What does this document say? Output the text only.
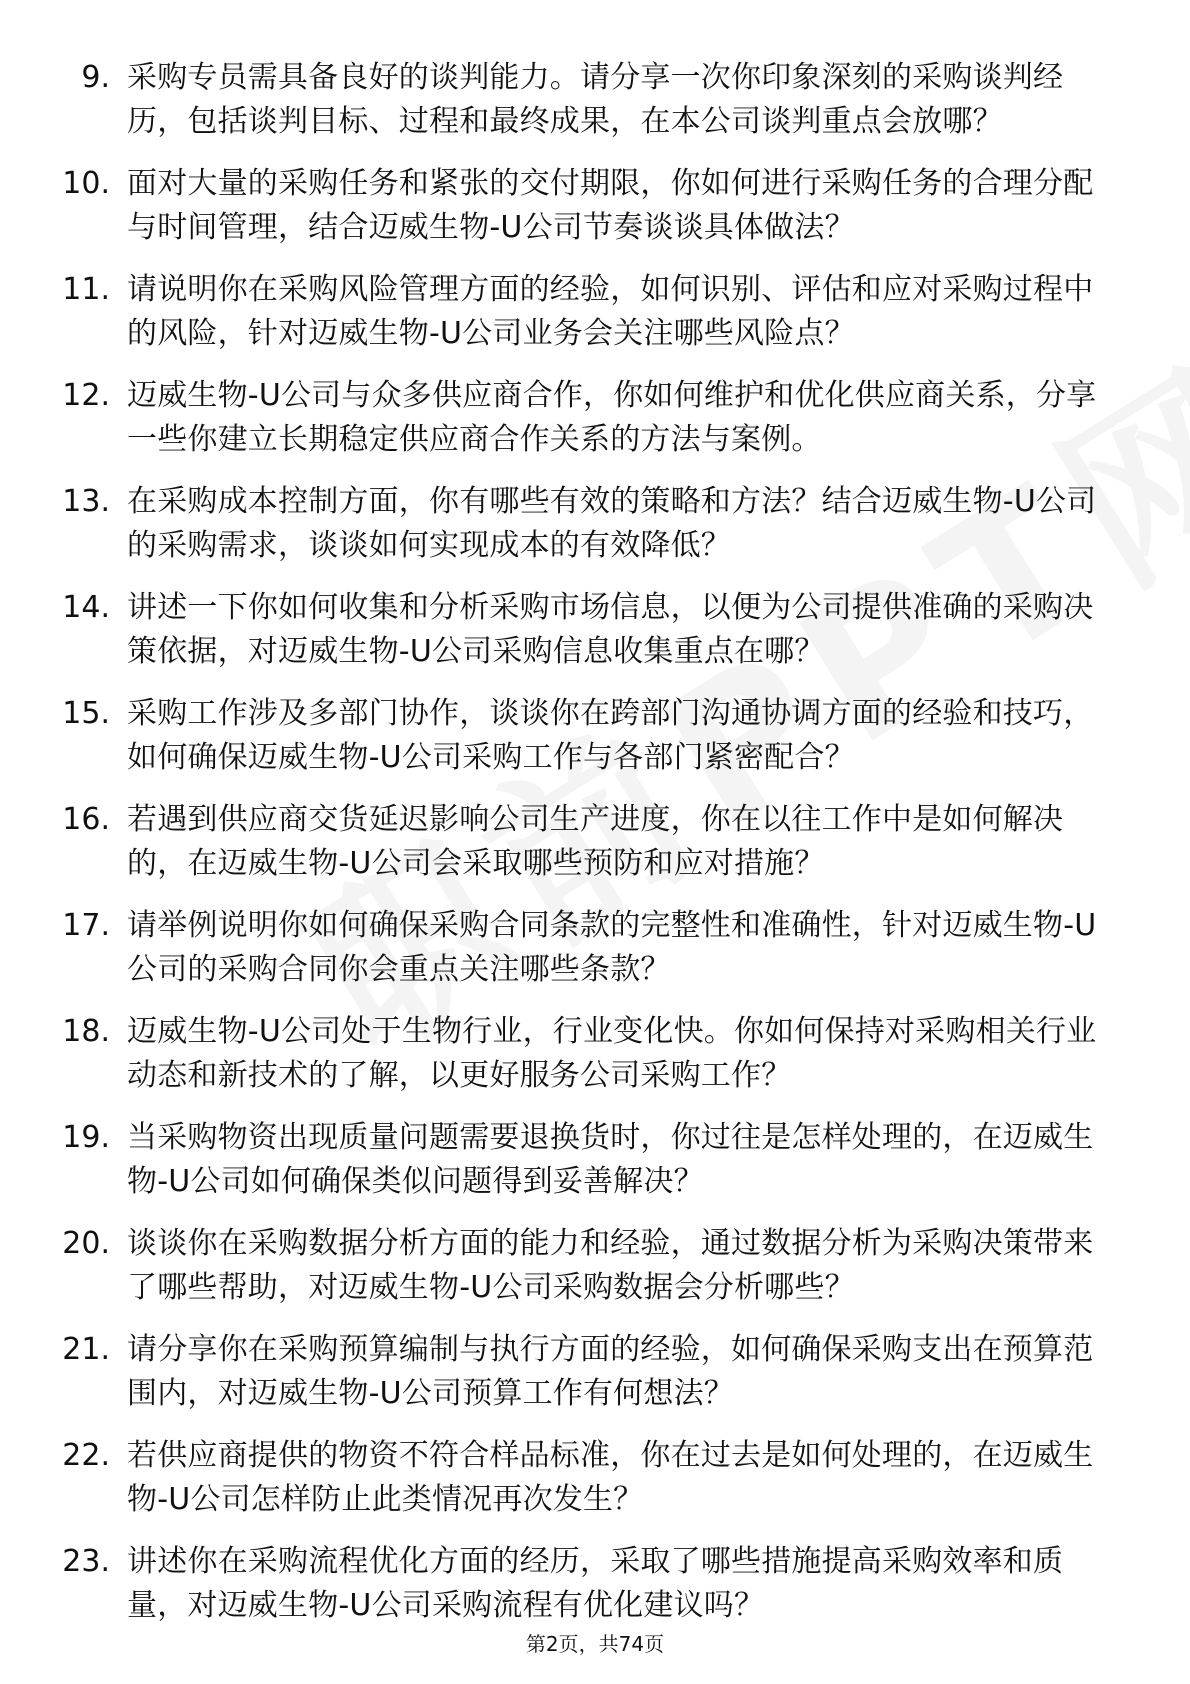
9. 采购专员需具备良好的谈判能力。请分享一次你印象深刻的采购谈判经历，包括谈判目标、过程和最终成果，在本公司谈判重点会放哪？
10. 面对大量的采购任务和紧张的交付期限，你如何进行采购任务的合理分配与时间管理，结合迈威生物-U公司节奏谈谈具体做法？
11. 请说明你在采购风险管理方面的经验，如何识别、评估和应对采购过程中的风险，针对迈威生物-U公司业务会关注哪些风险点？
12. 迈威生物-U公司与众多供应商合作，你如何维护和优化供应商关系，分享一些你建立长期稳定供应商合作关系的方法与案例。
13. 在采购成本控制方面，你有哪些有效的策略和方法？结合迈威生物-U公司的采购需求，谈谈如何实现成本的有效降低？
14. 讲述一下你如何收集和分析采购市场信息，以便为公司提供准确的采购决策依据，对迈威生物-U公司采购信息收集重点在哪？
15. 采购工作涉及多部门协作，谈谈你在跨部门沟通协调方面的经验和技巧，如何确保迈威生物-U公司采购工作与各部门紧密配合？
16. 若遇到供应商交货延迟影响公司生产进度，你在以往工作中是如何解决的，在迈威生物-U公司会采取哪些预防和应对措施？
17. 请举例说明你如何确保采购合同条款的完整性和准确性，针对迈威生物-U公司的采购合同你会重点关注哪些条款？
18. 迈威生物-U公司处于生物行业，行业变化快。你如何保持对采购相关行业动态和新技术的了解，以更好服务公司采购工作？
19. 当采购物资出现质量问题需要退换货时，你过往是怎样处理的，在迈威生物-U公司如何确保类似问题得到妥善解决？
20. 谈谈你在采购数据分析方面的能力和经验，通过数据分析为采购决策带来了哪些帮助，对迈威生物-U公司采购数据会分析哪些？
21. 请分享你在采购预算编制与执行方面的经验，如何确保采购支出在预算范围内，对迈威生物-U公司预算工作有何想法？
22. 若供应商提供的物资不符合样品标准，你在过去是如何处理的，在迈威生物-U公司怎样防止此类情况再次发生？
23. 讲述你在采购流程优化方面的经历，采取了哪些措施提高采购效率和质量，对迈威生物-U公司采购流程有优化建议吗？
第2页，共74页
